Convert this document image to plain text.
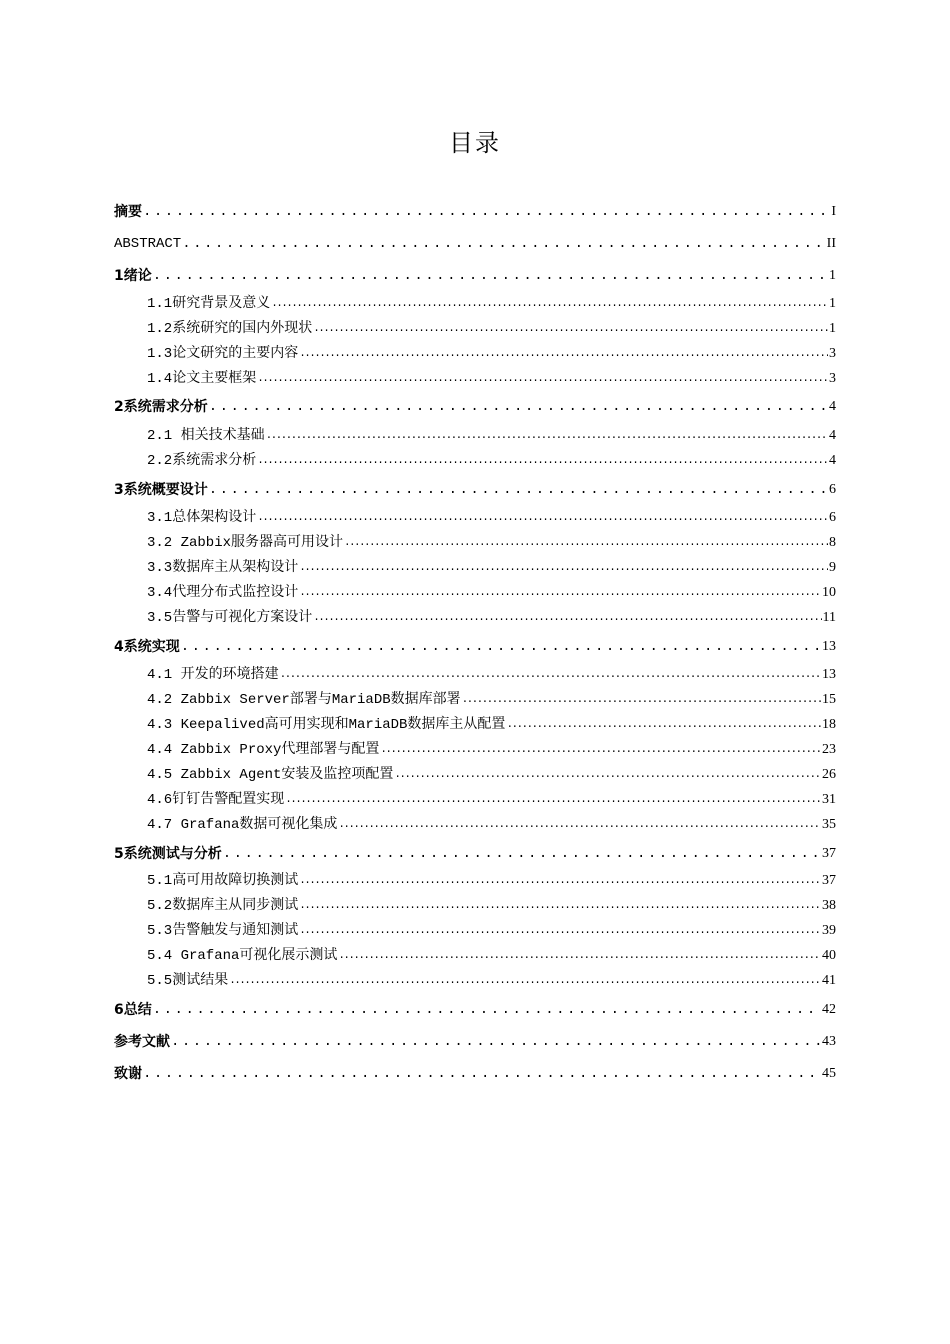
目录
摘要 .....	I
ABSTRACT .....	II
1绪论 .....	1
1.1研究背景及意义 .....	1
1.2系统研究的国内外现状 .....	1
1.3论文研究的主要内容 .....	3
1.4论文主要框架 .....	3
2系统需求分析 .....	4
2.1 相关技术基础 .....	4
2.2系统需求分析 .....	4
3系统概要设计 .....	6
3.1总体架构设计 .....	6
3.2 Zabbix服务器高可用设计 .....	8
3.3数据库主从架构设计 .....	9
3.4代理分布式监控设计 .....	10
3.5告警与可视化方案设计 .....	11
4系统实现 .....	13
4.1 开发的环境搭建 .....	13
4.2 Zabbix Server部署与MariaDB数据库部署 .....	15
4.3 Keepalived高可用实现和MariaDB数据库主从配置 .....	18
4.4 Zabbix Proxy代理部署与配置 .....	23
4.5 Zabbix Agent安装及监控项配置 .....	26
4.6钉钉告警配置实现 .....	31
4.7 Grafana数据可视化集成 .....	35
5系统测试与分析 .....	37
5.1高可用故障切换测试 .....	37
5.2数据库主从同步测试 .....	38
5.3告警触发与通知测试 .....	39
5.4 Grafana可视化展示测试 .....	40
5.5测试结果 .....	41
6总结 .....	42
参考文献 .....	43
致谢 .....	45
